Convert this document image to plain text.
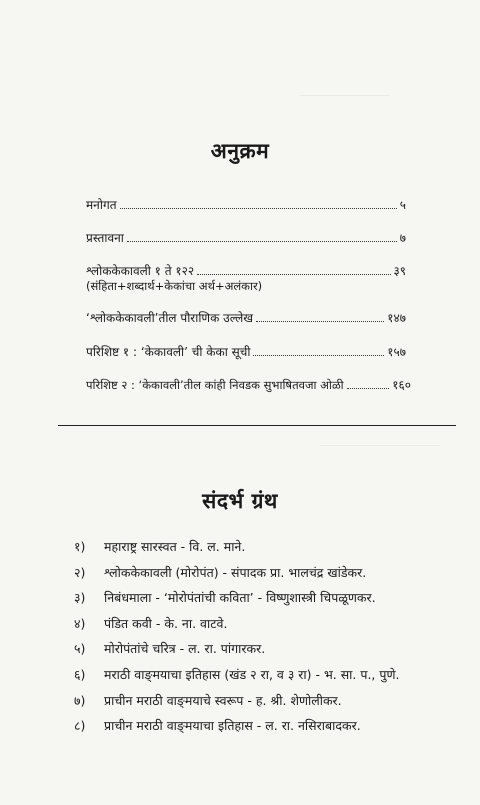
अनुक्रम
मनोगत	५
प्रस्तावना	७
श्लोककेकावली १ ते १२२	३९
(संहिता+शब्दार्थ+केकांचा अर्थ+अलंकार)
‘श्लोककेकावली’तील पौराणिक उल्लेख	१४७
परिशिष्ट १ : ‘केकावली’ ची केका सूची	१५७
परिशिष्ट २ : ‘केकावली’तील कांही निवडक सुभाषितवजा ओळी	१६०
संदर्भ ग्रंथ
१)	महाराष्ट्र सारस्वत - वि. ल. माने.
२)	श्लोककेकावली (मोरोपंत) - संपादक प्रा. भालचंद्र खांडेकर.
३)	निबंधमाला - ‘मोरोपंतांची कविता’ - विष्णुशास्त्री चिपळूणकर.
४)	पंडित कवी - के. ना. वाटवे.
५)	मोरोपंतांचे चरित्र - ल. रा. पांगारकर.
६)	मराठी वाङ्‌मयाचा इतिहास (खंड २ रा, व ३ रा) - भ. सा. प., पुणे.
७)	प्राचीन मराठी वाङ्‌मयाचे स्वरूप - ह. श्री. शेणोलीकर.
८)	प्राचीन मराठी वाङ्‌मयाचा इतिहास - ल. रा. नसिराबादकर.
